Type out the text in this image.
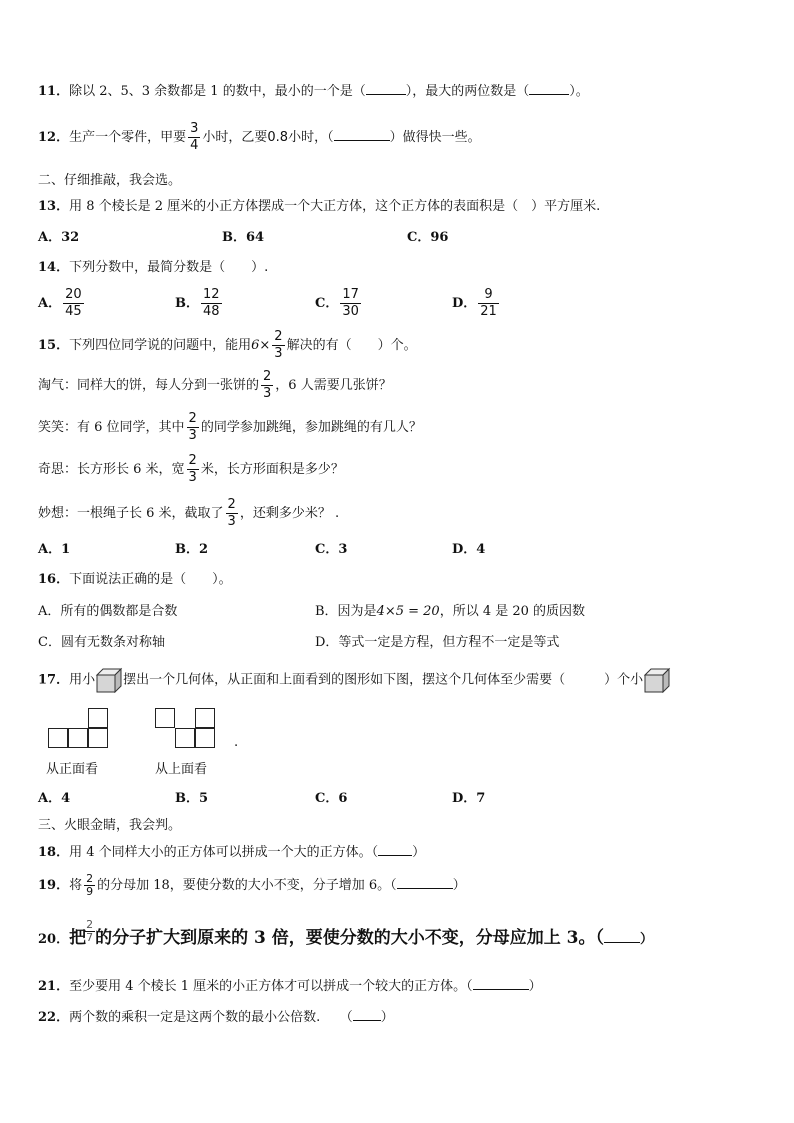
11．除以 2、5、3 余数都是 1 的数中，最小的一个是（	），最大的两位数是（	）。
12．生产一个零件，甲要 $\frac{3}{4}$ 小时，乙要0.8小时，（	）做得快一些。
二、仔细推敲，我会选。
13．用 8 个棱长是 2 厘米的小正方体摆成一个大正方体，这个正方体的表面积是（　）平方厘米.
A．32	B．64	C．96
14．下列分数中，最简分数是（　　）.
A． $\frac{20}{45}$	B． $\frac{12}{48}$	C． $\frac{17}{30}$	D． $\frac{9}{21}$
15．下列四位同学说的问题中，能用$6\times \frac{2}{3}$ 解决的有（　　）个。
淘气：同样大的饼，每人分到一张饼的 $\frac{2}{3}$ ，6 人需要几张饼？
笑笑：有 6 位同学，其中 $\frac{2}{3}$ 的同学参加跳绳，参加跳绳的有几人？
奇思：长方形长 6 米，宽 $\frac{2}{3}$ 米，长方形面积是多少？
妙想：一根绳子长 6 米，截取了 $\frac{2}{3}$ ，还剩多少米？ .
A．1	B．2	C．3	D．4
16．下面说法正确的是（　　）。
A．所有的偶数都是合数	B．因为是4×5 = 20，所以 4 是 20 的质因数
C．圆有无数条对称轴	D．等式一定是方程，但方程不一定是等式
17．用小 摆出一个几何体，从正面和上面看到的图形如下图，摆这个几何体至少需要（　　　）个小
从正面看	从上面看
.
A．4	B．5	C．6	D．7
三、火眼金睛，我会判。
18．用 4 个同样大小的正方体可以拼成一个大的正方体。（	）
19．将 $\frac{2}{9}$ 的分母加 18，要使分数的大小不变，分子增加 6。（	）
20．把
$\frac{2}{7}$ 的分子扩大到原来的 3 倍，要使分数的大小不变，分母应加上 3。（	）
21．至少要用 4 个棱长 1 厘米的小正方体才可以拼成一个较大的正方体。（	）
22．两个数的乘积一定是这两个数的最小公倍数.　　（ ）
